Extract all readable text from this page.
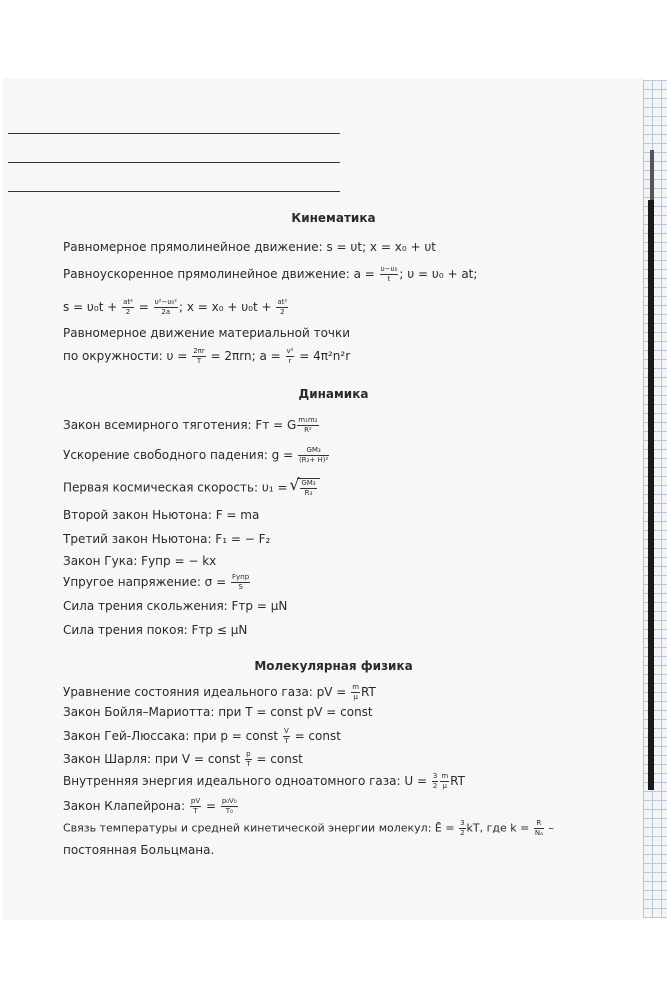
Кинематика
Равномерное прямолинейное движение: s = υt; x = x₀ + υt
Равноускоренное прямолинейное движение: $a = \frac{\text{υ−υ₀}}{t}$ ; υ = υ₀ + at;
$s = \upsilon_0t + \frac{\text{at²}}{2} = \frac{\text{υ²−υ₀²}}{2a}$ ; $x = x_0 + \upsilon_0t + \frac{\text{at²}}{2}$
Равномерное движение материальной точки
по окружности: $\upsilon = \frac{2\pi r}{T} = 2\pi rn$; $a = \frac{\text{v²}}{r} = 4\pi^2n^2r$
Динамика
Закон всемирного тяготения: Fт = G $\frac{\text{m₁m₂}}{\text{R²}}$
Ускорение свободного падения: $g = \frac{\text{GM₃}}{\text{(R₃+ H)²}}$
Первая космическая скорость: υ₁ =
√ $\frac{\text{GM₃}}{\text{R₃}}$
Второй закон Ньютона: F = ma
Третий закон Ньютона: F₁ = − F₂
Закон Гука: Fупр = − kx
Упругое напряжение: $\sigma = \frac{\text{Fупр}}{S}$
Сила трения скольжения: Fтр = μN
Сила трения покоя: Fтр ≤ μN
Молекулярная физика
Уравнение состояния идеального газа: pV = $\frac{m}{\mu}$ RT
Закон Бойля–Мариотта: при T = const pV = const
Закон Гей-Люссака: при p = const $\frac{V}{T}$ = const
Закон Шарля: при V = const $\frac{p}{T}$ = const
Внутренняя энергия идеального одноатомного газа: $U = \frac{3}{2} \frac{m}{\mu}$ RT
Закон Клапейрона: $\frac{pV}{T} = \frac{\text{p₀V₀}}{\text{T₀}}$
Связь температуры и средней кинетической энергии молекул: Ē = $\frac{3}{2}$ kT, где $k = \frac{R}{\text{Nₐ}}$ –
постоянная Больцмана.
